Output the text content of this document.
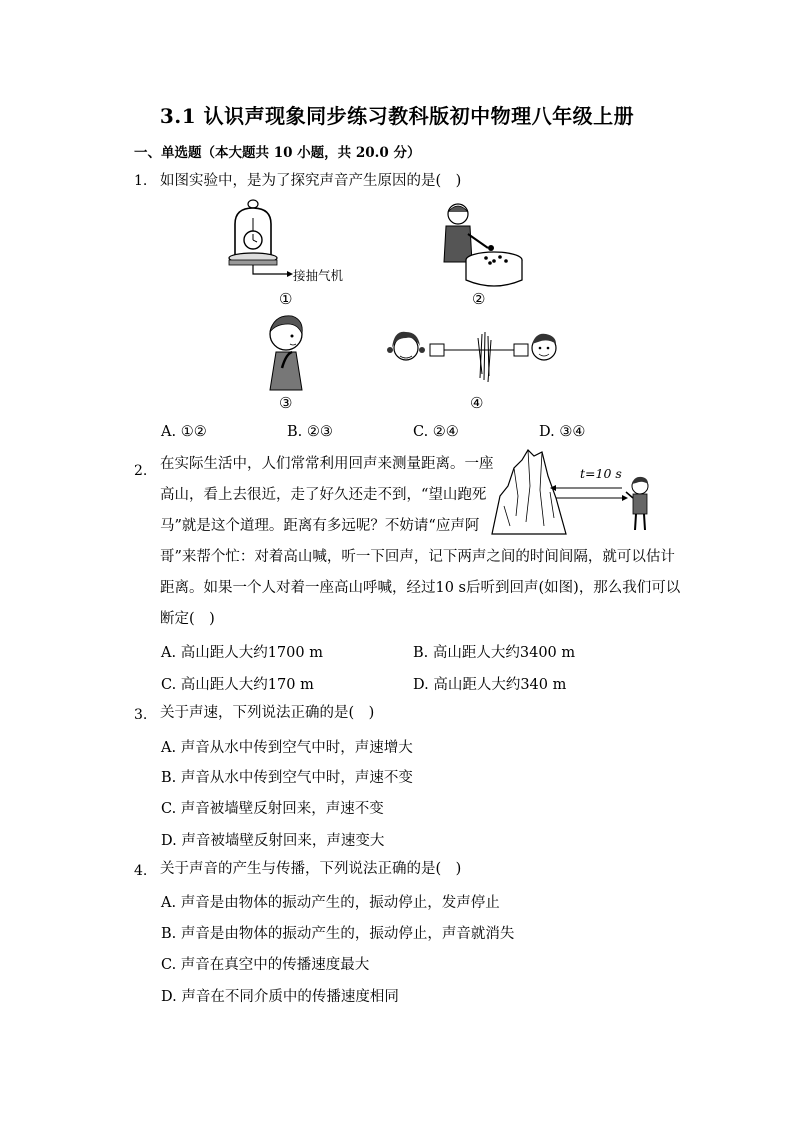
3.1 认识声现象同步练习教科版初中物理八年级上册
一、单选题（本大题共 10 小题，共 20.0 分）
1. 如图实验中，是为了探究声音产生原因的是(　)
接抽气机
①	②
③	④
A. ①②	B. ②③	C. ②④	D. ③④
2. 在实际生活中，人们常常利用回声来测量距离。一座
高山，看上去很近，走了好久还走不到，“望山跑死
马”就是这个道理。距离有多远呢？不妨请“应声阿
哥”来帮个忙：对着高山喊，听一下回声，记下两声之间的时间间隔，就可以估计
距离。如果一个人对着一座高山呼喊，经过10 s后听到回声(如图)，那么我们可以
断定(　)
t=10 s
A. 高山距人大约1700 m	B. 高山距人大约3400 m
C. 高山距人大约170 m	D. 高山距人大约340 m
3. 关于声速，下列说法正确的是(　)
A. 声音从水中传到空气中时，声速增大
B. 声音从水中传到空气中时，声速不变
C. 声音被墙壁反射回来，声速不变
D. 声音被墙壁反射回来，声速变大
4. 关于声音的产生与传播，下列说法正确的是(　)
A. 声音是由物体的振动产生的，振动停止，发声停止
B. 声音是由物体的振动产生的，振动停止，声音就消失
C. 声音在真空中的传播速度最大
D. 声音在不同介质中的传播速度相同
